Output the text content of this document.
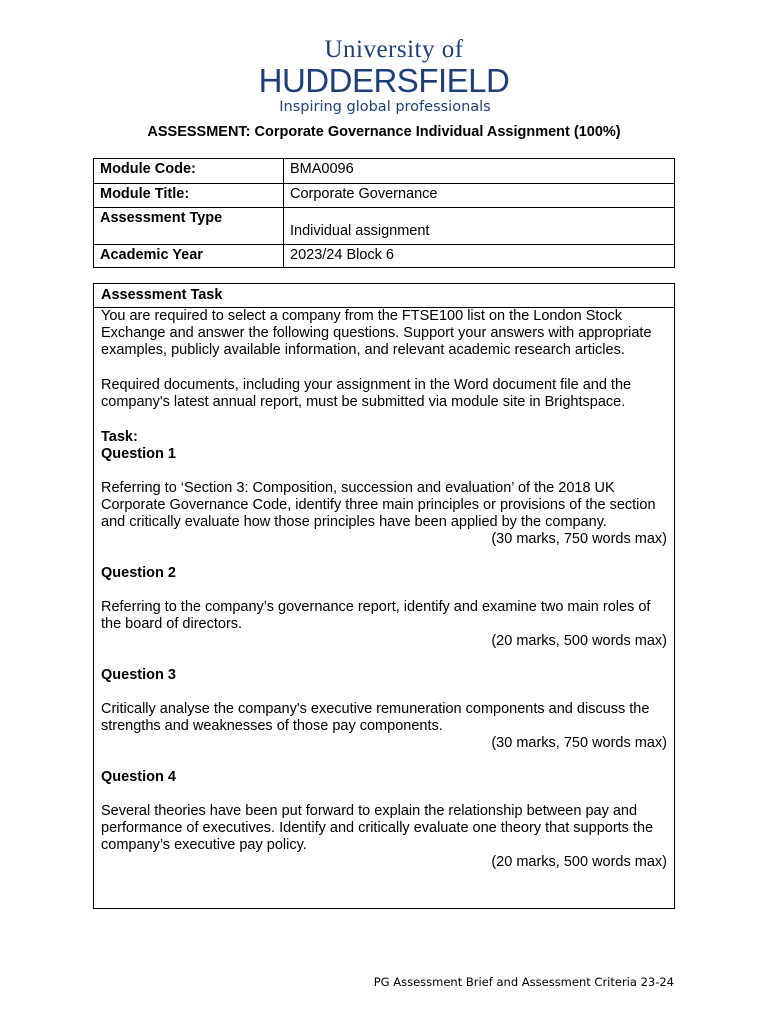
University of
HUDDERSFIELD
Inspiring global professionals
ASSESSMENT: Corporate Governance Individual Assignment (100%)
Module Code:	BMA0096
Module Title:	Corporate Governance
Assessment Type	Individual assignment
Academic Year	2023/24 Block 6
Assessment Task

You are required to select a company from the FTSE100 list on the London Stock Exchange and answer the following questions. Support your answers with appropriate examples, publicly available information, and relevant academic research articles.

Required documents, including your assignment in the Word document file and the company's latest annual report, must be submitted via module site in Brightspace.

Task:

Question 1

Referring to ‘Section 3: Composition, succession and evaluation’ of the 2018 UK Corporate Governance Code, identify three main principles or provisions of the section and critically evaluate how those principles have been applied by the company.

(30 marks, 750 words max)

Question 2

Referring to the company’s governance report, identify and examine two main roles of the board of directors.

(20 marks, 500 words max)

Question 3

Critically analyse the company's executive remuneration components and discuss the strengths and weaknesses of those pay components.

(30 marks, 750 words max)

Question 4

Several theories have been put forward to explain the relationship between pay and performance of executives. Identify and critically evaluate one theory that supports the company’s executive pay policy.

(20 marks, 500 words max)

PG Assessment Brief and Assessment Criteria 23-24
